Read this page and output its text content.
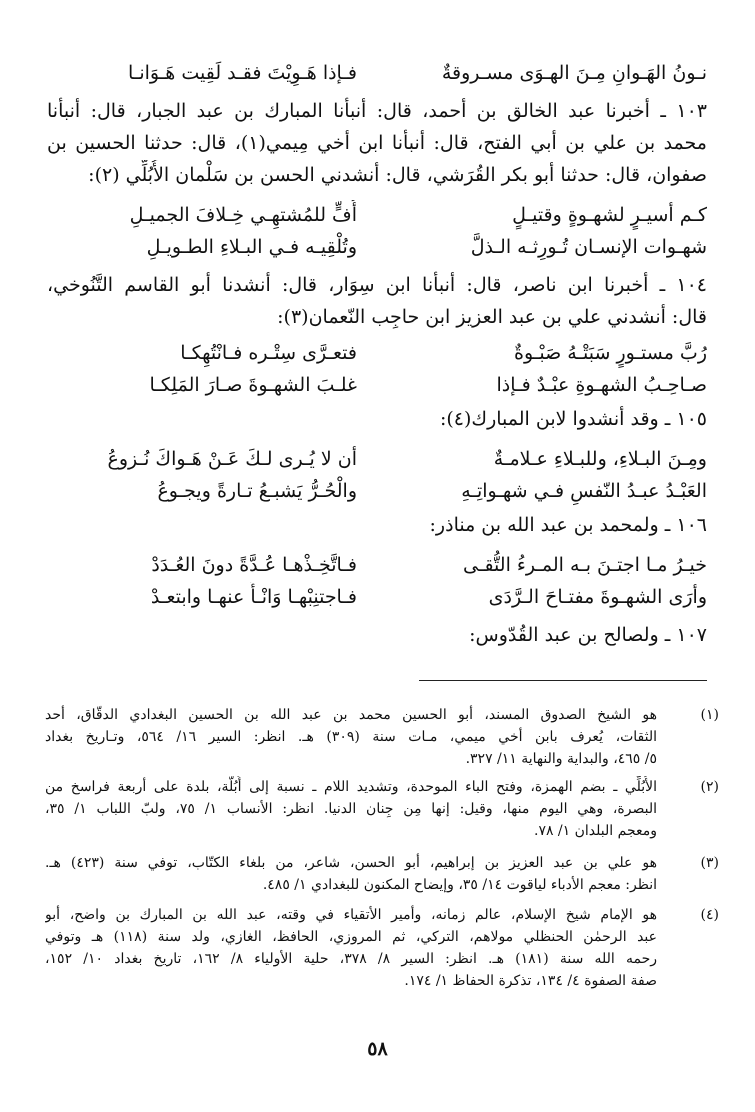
نـونُ الهَـوانِ مِـنَ الهـوَى مسـروقةٌ
فـإذا هَـوِيْتَ فقـد لَقِيت هَـوَانـا
١٠٣ ـ أخبرنا عبد الخالق بن أحمد، قال: أنبأنا المبارك بن عبد الجبار، قال: أنبأنا
محمد بن علي بن أبي الفتح، قال: أنبأنا ابن أخي مِيمي(١)، قال: حدثنا الحسين بن
صفوان، قال: حدثنا أبو بكر القُرَشي، قال: أنشدني الحسن بن سَلْمان الأُبُلِّي (٢):
كـم أسيـرٍ لشهـوةٍ وقتيـلٍ
أُفٍّ للمُشتهِـي خِـلافَ الجميـلِ
شهـوات الإنسـان تُـورِثـه الـذلَّ
وتُلْقِيـه فـي البـلاءِ الطـويـلِ
١٠٤ ـ أخبرنا ابن ناصر، قال: أنبأنا ابن سِوَار، قال: أنشدنا أبو القاسم التَّنُوخي،
قال: أنشدني علي بن عبد العزيز ابن حاجِب النّعمان(٣):
رُبَّ مستـورٍ سَبَتْـهُ صَبْـوةٌ
فتعـرَّى سِتْـره فـانْتُهِكـا
صـاحِـبُ الشهـوةِ عبْـدٌ فـإذا
غلـبَ الشهـوةَ صـارَ المَلِكـا
١٠٥ ـ وقد أنشدوا لابن المبارك(٤):
ومِـنَ البـلاءِ، وللبـلاءِ عـلامـةٌ
أن لا يُـرى لـكَ عَـنْ هَـواكَ نُـزوعُ
العَبْـدُ عبـدُ النّفسِ فـي شهـواتِـهِ
والْحُـرُّ يَشبـعُ تـارةً ويجـوعُ
١٠٦ ـ ولمحمد بن عبد الله بن مناذر:
خيـرُ مـا اجتـنَ بـه المـرءُ التُّقـى
فـاتَّخِـذْهـا عُـدَّةً دونَ العُـدَدْ
وأرَى الشهـوةَ مفتـاحَ الـرَّدَى
فـاجتنِبْهـا وَانْـأَ عنهـا وابتعـدْ
١٠٧ ـ ولصالح بن عبد القُدّوس:
(١)
هو الشيخ الصدوق المسند، أبو الحسين محمد بن عبد الله بن الحسين البغدادي الدقّاق، أحد
الثقات، يُعرف بابن أخي ميمي، مـات سنة (٣٠٩) هـ. انظر: السير ١٦/ ٥٦٤، وتـاريخ بغداد
٥/ ٤٦٥، والبداية والنهاية ١١/ ٣٢٧.
(٢)
الأُبُلِّي ـ بضم الهمزة، وفتح الباء الموحدة، وتشديد اللام ـ نسبة إلى أُبُلَّة، بلدة على أربعة فراسخ من
البصرة، وهي اليوم منها، وقيل: إنها مِن جِنان الدنيا. انظر: الأنساب ١/ ٧٥، ولبّ اللباب ١/ ٣٥،
ومعجم البلدان ١/ ٧٨.
(٣)
هو علي بن عبد العزيز بن إبراهيم، أبو الحسن، شاعر، من بلغاء الكتّاب، توفي سنة (٤٢٣) هـ.
انظر: معجم الأدباء لياقوت ١٤/ ٣٥، وإيضاح المكنون للبغدادي ١/ ٤٨٥.
(٤)
هو الإمام شيخ الإسلام، عالم زمانه، وأمير الأتقياء في وقته، عبد الله بن المبارك بن واضح، أبو
عبد الرحمٰن الحنظلي مولاهم، التركي، ثم المروزي، الحافظ، الغازي، ولد سنة (١١٨) هـ وتوفي
رحمه الله سنة (١٨١) هـ. انظر: السير ٨/ ٣٧٨، حلية الأولياء ٨/ ١٦٢، تاريخ بغداد ١٠/ ١٥٢،
صفة الصفوة ٤/ ١٣٤، تذكرة الحفاظ ١/ ١٧٤.
٥٨
